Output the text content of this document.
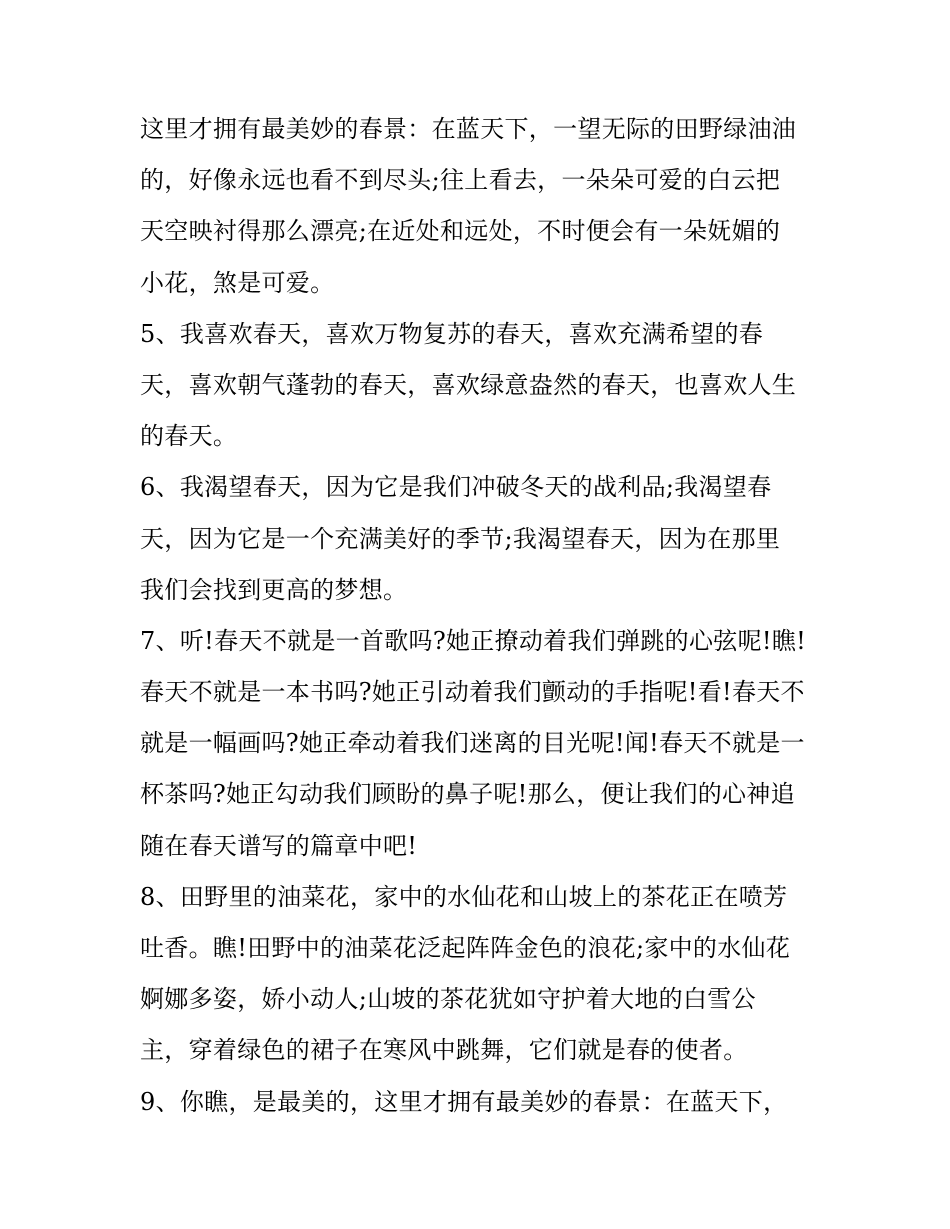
这里才拥有最美妙的春景：在蓝天下，一望无际的田野绿油油
的，好像永远也看不到尽头;往上看去，一朵朵可爱的白云把
天空映衬得那么漂亮;在近处和远处，不时便会有一朵妩媚的
小花，煞是可爱。
5、我喜欢春天，喜欢万物复苏的春天，喜欢充满希望的春
天，喜欢朝气蓬勃的春天，喜欢绿意盎然的春天，也喜欢人生
的春天。
6、我渴望春天，因为它是我们冲破冬天的战利品;我渴望春
天，因为它是一个充满美好的季节;我渴望春天，因为在那里
我们会找到更高的梦想。
7、听!春天不就是一首歌吗?她正撩动着我们弹跳的心弦呢!瞧!
春天不就是一本书吗?她正引动着我们颤动的手指呢!看!春天不
就是一幅画吗?她正牵动着我们迷离的目光呢!闻!春天不就是一
杯茶吗?她正勾动我们顾盼的鼻子呢!那么，便让我们的心神追
随在春天谱写的篇章中吧!
8、田野里的油菜花，家中的水仙花和山坡上的茶花正在喷芳
吐香。瞧!田野中的油菜花泛起阵阵金色的浪花;家中的水仙花
婀娜多姿，娇小动人;山坡的茶花犹如守护着大地的白雪公
主，穿着绿色的裙子在寒风中跳舞，它们就是春的使者。
9、你瞧，是最美的，这里才拥有最美妙的春景：在蓝天下，
